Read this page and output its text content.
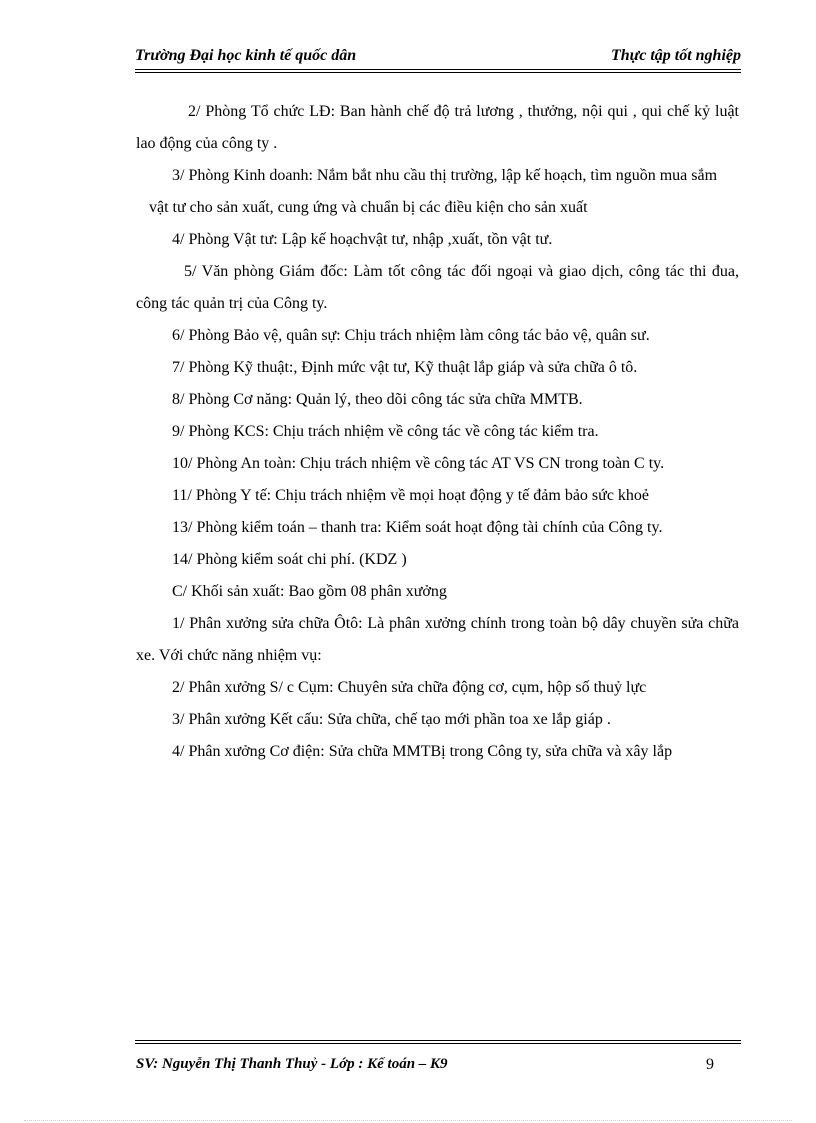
Trường Đại học kinh tế quốc dân	Thực tập tốt nghiệp

2/ Phòng Tổ chức LĐ: Ban hành chế độ trả lương , thưởng, nội qui , qui chế kỷ luật lao động của công ty .

3/ Phòng Kinh doanh: Nắm bắt nhu cầu thị trường, lập kế hoạch, tìm nguồn mua sắm

vật tư cho sản xuất, cung ứng và chuẩn bị các điều kiện cho sản xuất

4/ Phòng Vật tư: Lập kế hoạchvật tư, nhập ,xuất, tồn vật tư.

5/ Văn phòng Giám đốc: Làm tốt công tác đối ngoại và giao dịch, công tác thi đua, công tác quản trị của Công ty.

6/ Phòng Bảo vệ, quân sự: Chịu trách nhiệm làm công tác bảo vệ, quân sư.

7/ Phòng Kỹ thuật:, Định mức vật tư, Kỹ thuật lắp giáp và sửa chữa ô tô.

8/ Phòng Cơ năng: Quản lý, theo dõi công tác sửa chữa MMTB.

9/ Phòng KCS: Chịu trách nhiệm về công tác về công tác kiểm tra.

10/ Phòng An toàn: Chịu trách nhiệm về công tác AT VS CN trong toàn C ty.

11/ Phòng Y tế: Chịu trách nhiệm về mọi hoạt động y tế đảm bảo sức khoẻ

13/ Phòng kiểm toán – thanh tra: Kiểm soát hoạt động tài chính của Công ty.

14/ Phòng kiểm soát chi phí. (KDZ )

C/ Khối sản xuất: Bao gồm 08 phân xưởng

1/ Phân xưởng sửa chữa Ôtô: Là phân xưởng chính trong toàn bộ dây chuyền sửa chữa xe. Với chức năng nhiệm vụ:

2/ Phân xưởng S/ c Cụm: Chuyên sửa chữa động cơ, cụm, hộp số thuỷ lực

3/ Phân xưởng Kết cấu: Sửa chữa, chế tạo mới phần toa xe lắp giáp .

4/ Phân xưởng Cơ điện: Sửa chữa MMTBị trong Công ty, sửa chữa và xây lắp

SV: Nguyễn Thị Thanh Thuỷ - Lớp : Kế toán – K9	9
